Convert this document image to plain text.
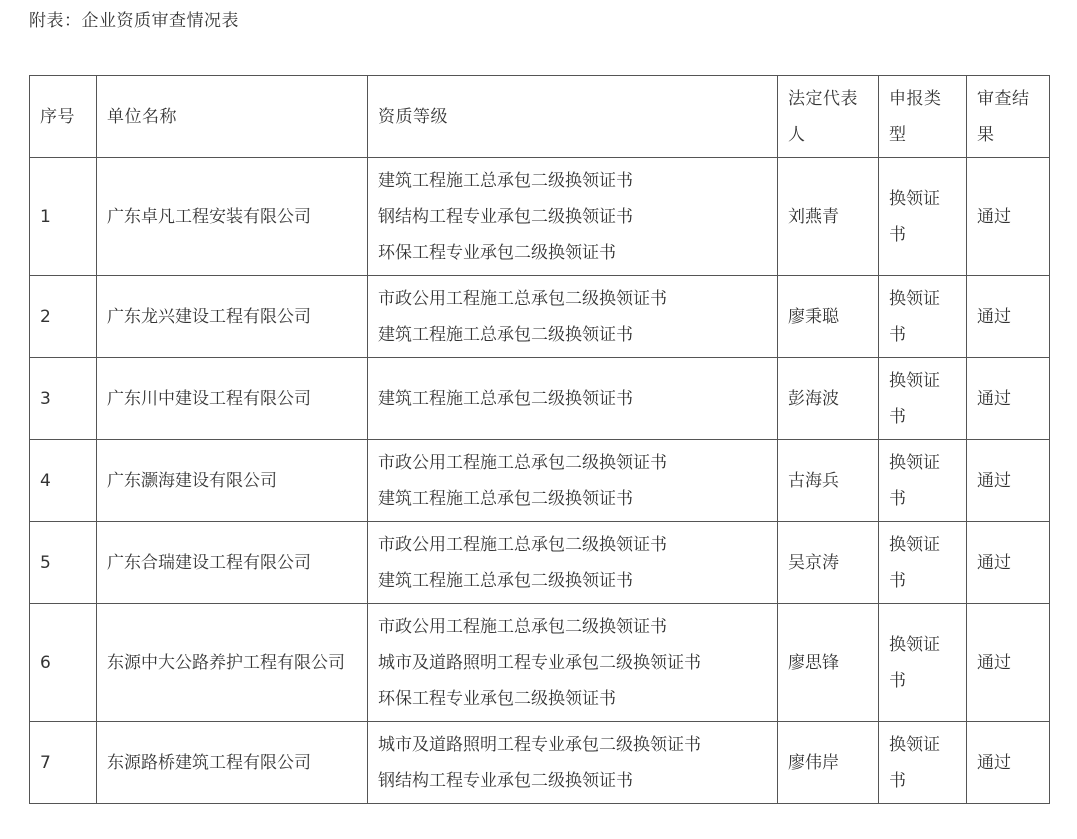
附表：企业资质审查情况表
序号	单位名称	资质等级	法定代表人	申报类型	审查结果
1	广东卓凡工程安装有限公司	建筑工程施工总承包二级换领证书
钢结构工程专业承包二级换领证书
环保工程专业承包二级换领证书	刘燕青	换领证书	通过
2	广东龙兴建设工程有限公司	市政公用工程施工总承包二级换领证书
建筑工程施工总承包二级换领证书	廖秉聪	换领证书	通过
3	广东川中建设工程有限公司	建筑工程施工总承包二级换领证书	彭海波	换领证书	通过
4	广东灏海建设有限公司	市政公用工程施工总承包二级换领证书
建筑工程施工总承包二级换领证书	古海兵	换领证书	通过
5	广东合瑞建设工程有限公司	市政公用工程施工总承包二级换领证书
建筑工程施工总承包二级换领证书	吴京涛	换领证书	通过
6	东源中大公路养护工程有限公司	市政公用工程施工总承包二级换领证书
城市及道路照明工程专业承包二级换领证书
环保工程专业承包二级换领证书	廖思锋	换领证书	通过
7	东源路桥建筑工程有限公司	城市及道路照明工程专业承包二级换领证书
钢结构工程专业承包二级换领证书	廖伟岸	换领证书	通过
